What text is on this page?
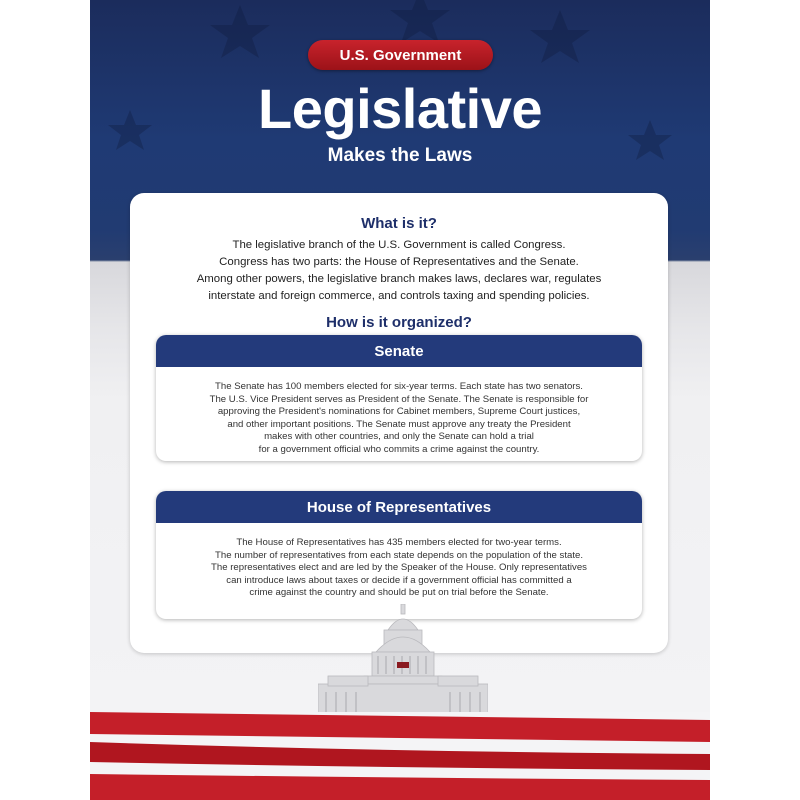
U.S. Government
Legislative
Makes the Laws
What is it?
The legislative branch of the U.S. Government is called Congress.
Congress has two parts: the House of Representatives and the Senate.
Among other powers, the legislative branch makes laws, declares war, regulates
interstate and foreign commerce, and controls taxing and spending policies.
How is it organized?
Senate
The Senate has 100 members elected for six-year terms. Each state has two senators.
The U.S. Vice President serves as President of the Senate. The Senate is responsible for
approving the President's nominations for Cabinet members, Supreme Court justices,
and other important positions. The Senate must approve any treaty the President
makes with other countries, and only the Senate can hold a trial
for a government official who commits a crime against the country.
House of Representatives
The House of Representatives has 435 members elected for two-year terms.
The number of representatives from each state depends on the population of the state.
The representatives elect and are led by the Speaker of the House. Only representatives
can introduce laws about taxes or decide if a government official has committed a
crime against the country and should be put on trial before the Senate.
